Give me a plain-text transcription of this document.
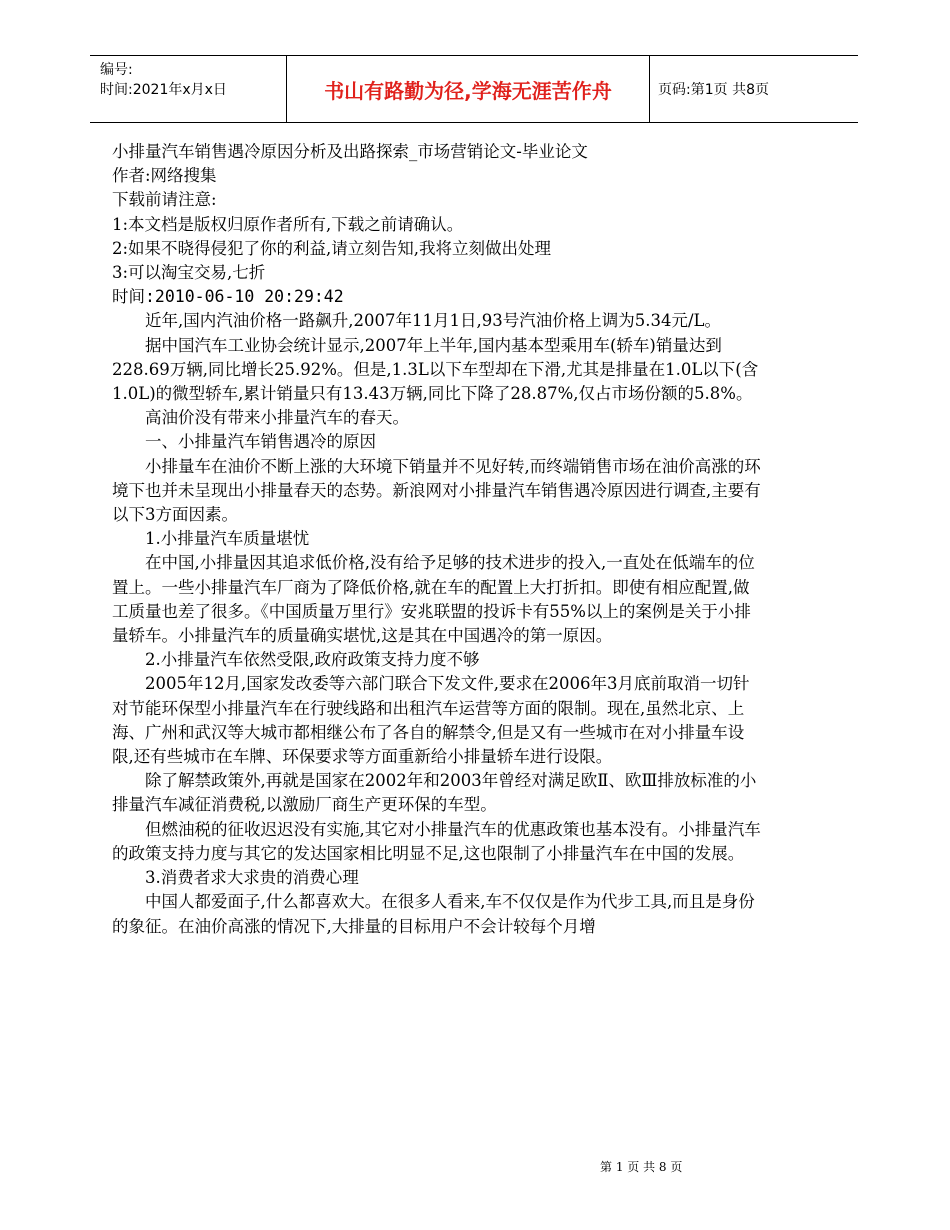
编号:
时间:2021年x月x日	书山有路勤为径,学海无涯苦作舟	页码:第1页 共8页

小排量汽车销售遇冷原因分析及出路探索_市场营销论文-毕业论文

作者:网络搜集

下载前请注意:

1:本文档是版权归原作者所有,下载之前请确认。

2:如果不晓得侵犯了你的利益,请立刻告知,我将立刻做出处理

3:可以淘宝交易,七折

时间:2010-06-10 20:29:42

近年,国内汽油价格一路飙升,2007年11月1日,93号汽油价格上调为5.34元/L。

据中国汽车工业协会统计显示,2007年上半年,国内基本型乘用车(轿车)销量达到228.69万辆,同比增长25.92%。但是,1.3L以下车型却在下滑,尤其是排量在1.0L以下(含1.0L)的微型轿车,累计销量只有13.43万辆,同比下降了28.87%,仅占市场份额的5.8%。

高油价没有带来小排量汽车的春天。

一、小排量汽车销售遇冷的原因

小排量车在油价不断上涨的大环境下销量并不见好转,而终端销售市场在油价高涨的环境下也并未呈现出小排量春天的态势。新浪网对小排量汽车销售遇冷原因进行调查,主要有以下3方面因素。

1.小排量汽车质量堪忧

在中国,小排量因其追求低价格,没有给予足够的技术进步的投入,一直处在低端车的位置上。一些小排量汽车厂商为了降低价格,就在车的配置上大打折扣。即使有相应配置,做工质量也差了很多。《中国质量万里行》安兆联盟的投诉卡有55%以上的案例是关于小排量轿车。小排量汽车的质量确实堪忧,这是其在中国遇冷的第一原因。

2.小排量汽车依然受限,政府政策支持力度不够

2005年12月,国家发改委等六部门联合下发文件,要求在2006年3月底前取消一切针对节能环保型小排量汽车在行驶线路和出租汽车运营等方面的限制。现在,虽然北京、上海、广州和武汉等大城市都相继公布了各自的解禁令,但是又有一些城市在对小排量车设限,还有些城市在车牌、环保要求等方面重新给小排量轿车进行设限。

除了解禁政策外,再就是国家在2002年和2003年曾经对满足欧Ⅱ、欧Ⅲ排放标准的小排量汽车减征消费税,以激励厂商生产更环保的车型。

但燃油税的征收迟迟没有实施,其它对小排量汽车的优惠政策也基本没有。小排量汽车的政策支持力度与其它的发达国家相比明显不足,这也限制了小排量汽车在中国的发展。

3.消费者求大求贵的消费心理

中国人都爱面子,什么都喜欢大。在很多人看来,车不仅仅是作为代步工具,而且是身份的象征。在油价高涨的情况下,大排量的目标用户不会计较每个月增

第 1 页 共 8 页
